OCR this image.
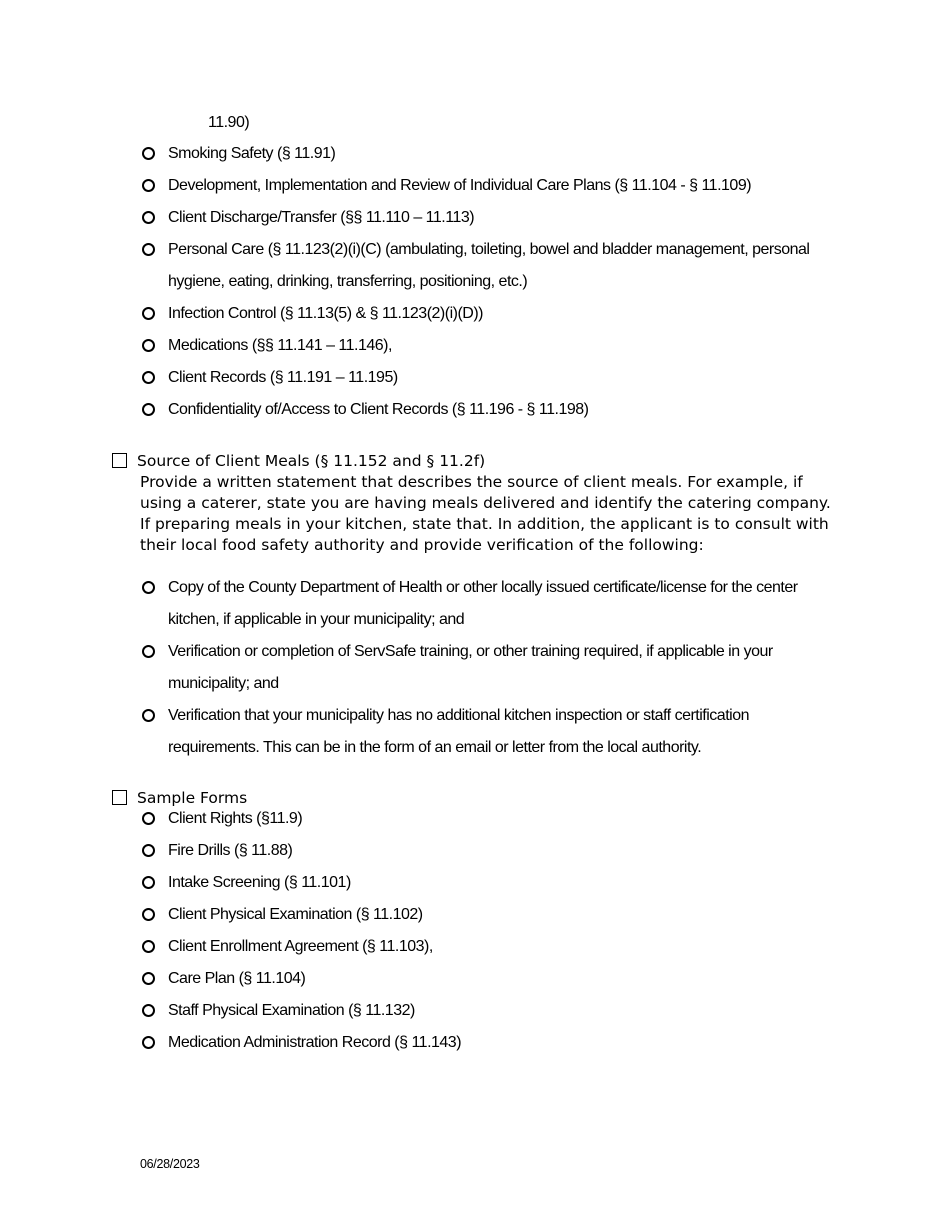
11.90)
Smoking Safety (§ 11.91)
Development, Implementation and Review of Individual Care Plans (§ 11.104 - § 11.109)
Client Discharge/Transfer (§§ 11.110 – 11.113)
Personal Care (§ 11.123(2)(i)(C) (ambulating, toileting, bowel and bladder management, personal hygiene, eating, drinking, transferring, positioning, etc.)
Infection Control (§ 11.13(5) & § 11.123(2)(i)(D))
Medications (§§ 11.141 – 11.146),
Client Records (§ 11.191 – 11.195)
Confidentiality of/Access to Client Records (§ 11.196 - § 11.198)
Source of Client Meals (§ 11.152 and § 11.2f)
Provide a written statement that describes the source of client meals. For example, if using a caterer, state you are having meals delivered and identify the catering company. If preparing meals in your kitchen, state that. In addition, the applicant is to consult with their local food safety authority and provide verification of the following:
Copy of the County Department of Health or other locally issued certificate/license for the center kitchen, if applicable in your municipality; and
Verification or completion of ServSafe training, or other training required, if applicable in your municipality; and
Verification that your municipality has no additional kitchen inspection or staff certification requirements. This can be in the form of an email or letter from the local authority.
Sample Forms
Client Rights (§11.9)
Fire Drills (§ 11.88)
Intake Screening (§ 11.101)
Client Physical Examination (§ 11.102)
Client Enrollment Agreement (§ 11.103),
Care Plan (§ 11.104)
Staff Physical Examination (§ 11.132)
Medication Administration Record (§ 11.143)
06/28/2023
